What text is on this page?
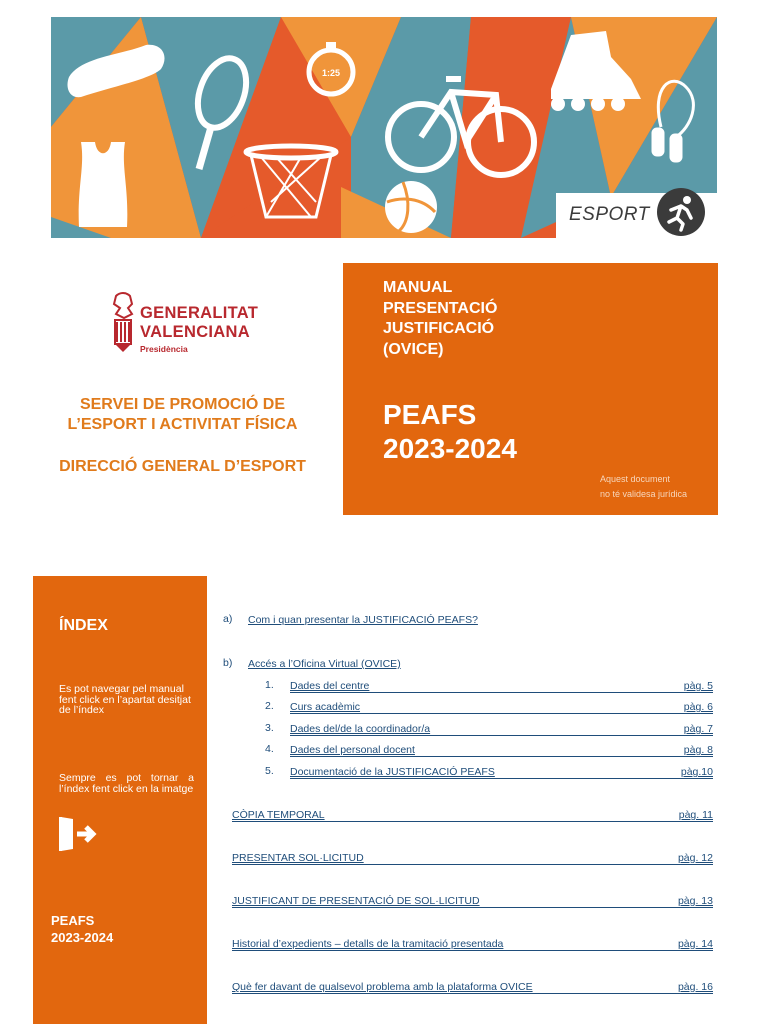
1:25
ESPORT
GENERALITAT
VALENCIANA
Presidència
SERVEI DE PROMOCIÓ DE
L’ESPORT I ACTIVITAT FÍSICA
DIRECCIÓ GENERAL D’ESPORT
MANUAL
PRESENTACIÓ
JUSTIFICACIÓ
(OVICE)
PEAFS
2023-2024
Aquest document
no té validesa jurídica
ÍNDEX
Es pot navegar pel manual fent click en l’apartat desitjat de l’índex
Sempre es pot tornar a l’índex fent click en la imatge
PEAFS
2023-2024
a) Com i quan presentar la JUSTIFICACIÓ PEAFS?
b) Accés a l’Oficina Virtual (OVICE)
1. Dades del centre	pàg. 5
2. Curs acadèmic	pàg. 6
3. Dades del/de la coordinador/a	pàg. 7
4. Dades del personal docent	pàg. 8
5. Documentació de la JUSTIFICACIÓ PEAFS	pàg.10
CÒPIA TEMPORAL	pàg. 11
PRESENTAR SOL·LICITUD	pàg. 12
JUSTIFICANT DE PRESENTACIÓ DE SOL·LICITUD	pàg. 13
Historial d’expedients – detalls de la tramitació presentada	pàg. 14
Què fer davant de qualsevol problema amb la plataforma OVICE	pàg. 16
